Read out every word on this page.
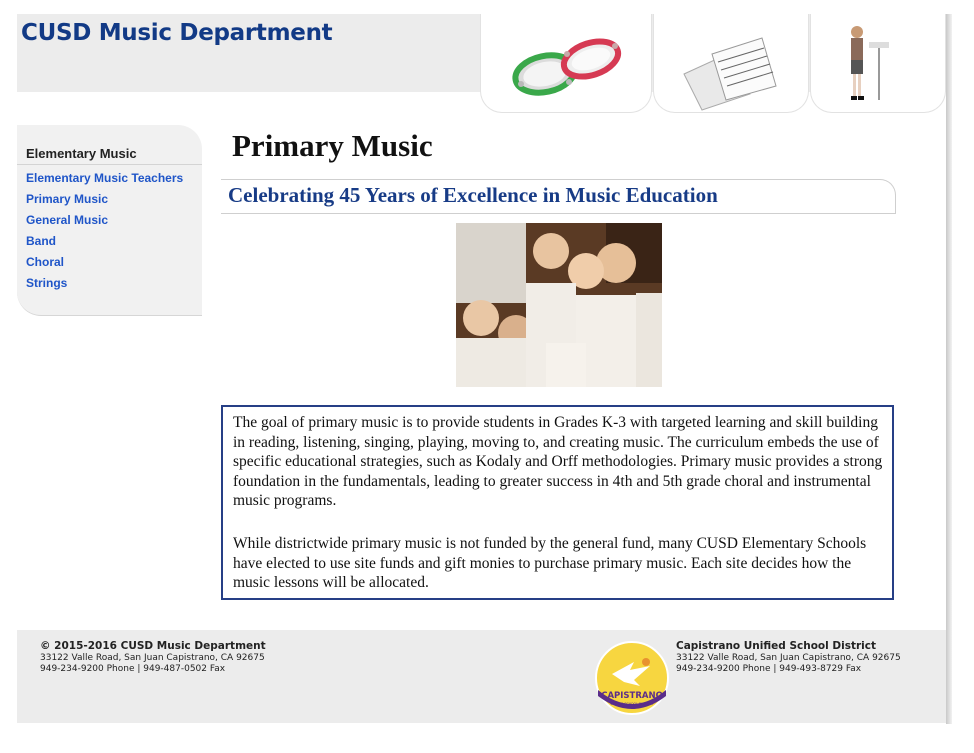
CUSD Music Department
Elementary Music
Elementary Music Teachers
Primary Music
General Music
Band
Choral
Strings
Primary Music
Celebrating 45 Years of Excellence in Music Education

The goal of primary music is to provide students in Grades K-3 with targeted learning and skill building in reading, listening, singing, playing, moving to, and creating music. The curriculum embeds the use of specific educational strategies, such as Kodaly and Orff methodologies. Primary music provides a strong foundation in the fundamentals, leading to greater success in 4th and 5th grade choral and instrumental music programs.

While districtwide primary music is not funded by the general fund, many CUSD Elementary Schools have elected to use site funds and gift monies to purchase primary music. Each site decides how the music lessons will be allocated.

© 2015-2016 CUSD Music Department
33122 Valle Road, San Juan Capistrano, CA 92675
949-234-9200 Phone | 949-487-0502 Fax
CAPISTRANO
UNIFIED SCHOOL DISTRICT
Capistrano Unified School District
33122 Valle Road, San Juan Capistrano, CA 92675
949-234-9200 Phone | 949-493-8729 Fax
